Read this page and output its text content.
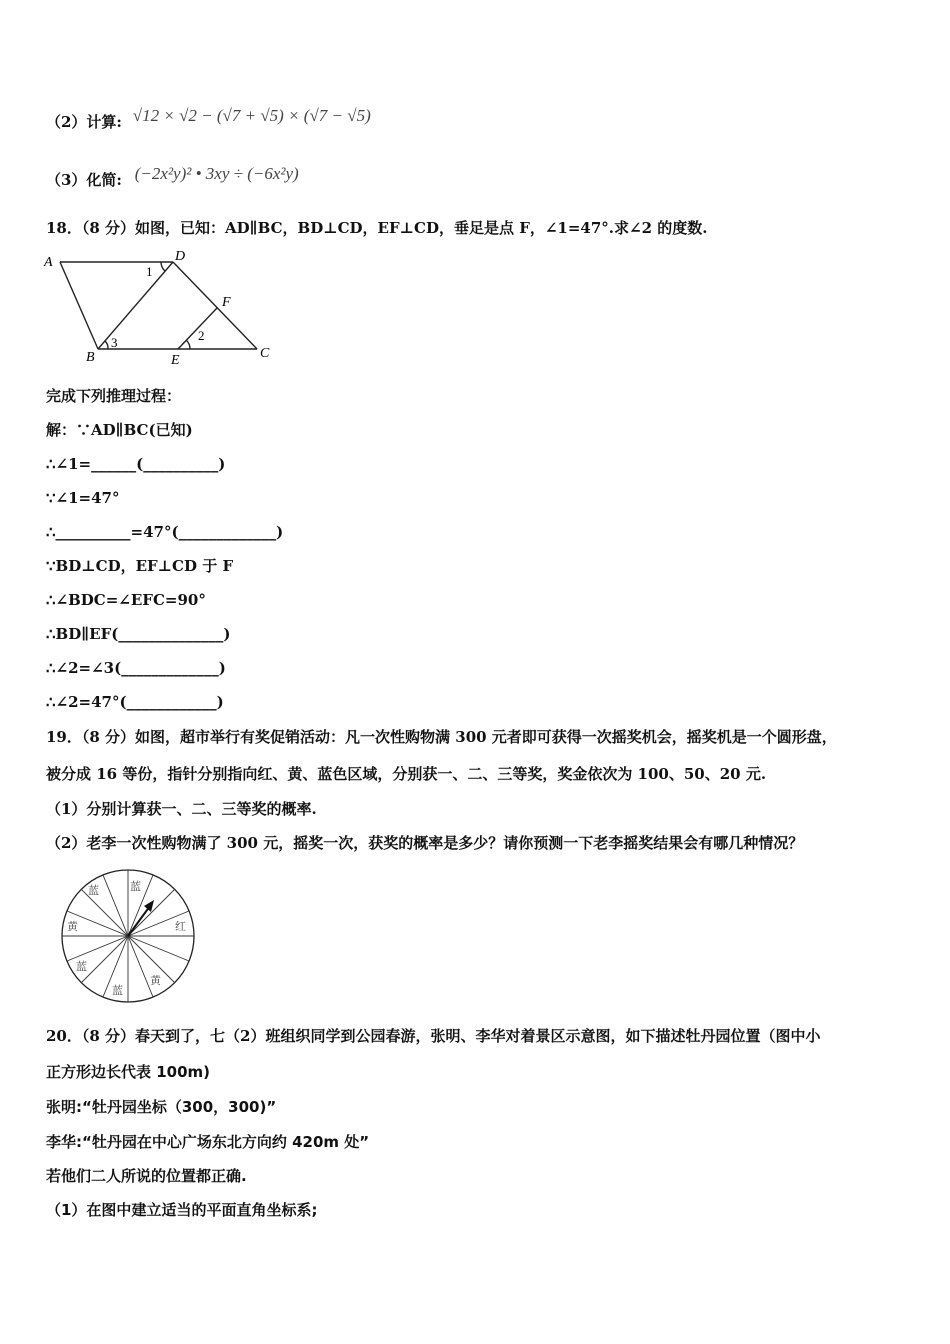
（2）计算: √12 × √2 − (√7 + √5) × (√7 − √5)
（3）化简: (−2x²y)² • 3xy ÷ (−6x²y)
18．（8 分）如图，已知：AD∥BC，BD⊥CD，EF⊥CD，垂足是点 F，∠1=47°.求∠2 的度数.
A	D
B	E	C
F
1
2
3
完成下列推理过程：
解：∵AD∥BC(已知)
∴∠1=______(__________)
∵∠1=47°
∴__________=47°(_____________)
∵BD⊥CD，EF⊥CD 于 F
∴∠BDC=∠EFC=90°
∴BD∥EF(______________)
∴∠2=∠3(_____________)
∴∠2=47°(____________)
19．（8 分）如图，超市举行有奖促销活动：凡一次性购物满 300 元者即可获得一次摇奖机会，摇奖机是一个圆形盘，
被分成 16 等份，指针分别指向红、黄、蓝色区域，分别获一、二、三等奖，奖金依次为 100、50、20 元.
（1）分别计算获一、二、三等奖的概率.
（2）老李一次性购物满了 300 元，摇奖一次，获奖的概率是多少？请你预测一下老李摇奖结果会有哪几种情况？
蓝	蓝
黄	红
蓝
蓝
黄
20．（8 分）春天到了，七（2）班组织同学到公园春游，张明、李华对着景区示意图，如下描述牡丹园位置（图中小
正方形边长代表 100m)
张明:“牡丹园坐标（300，300)”
李华:“牡丹园在中心广场东北方向约 420m 处”
若他们二人所说的位置都正确.
（1）在图中建立适当的平面直角坐标系;
